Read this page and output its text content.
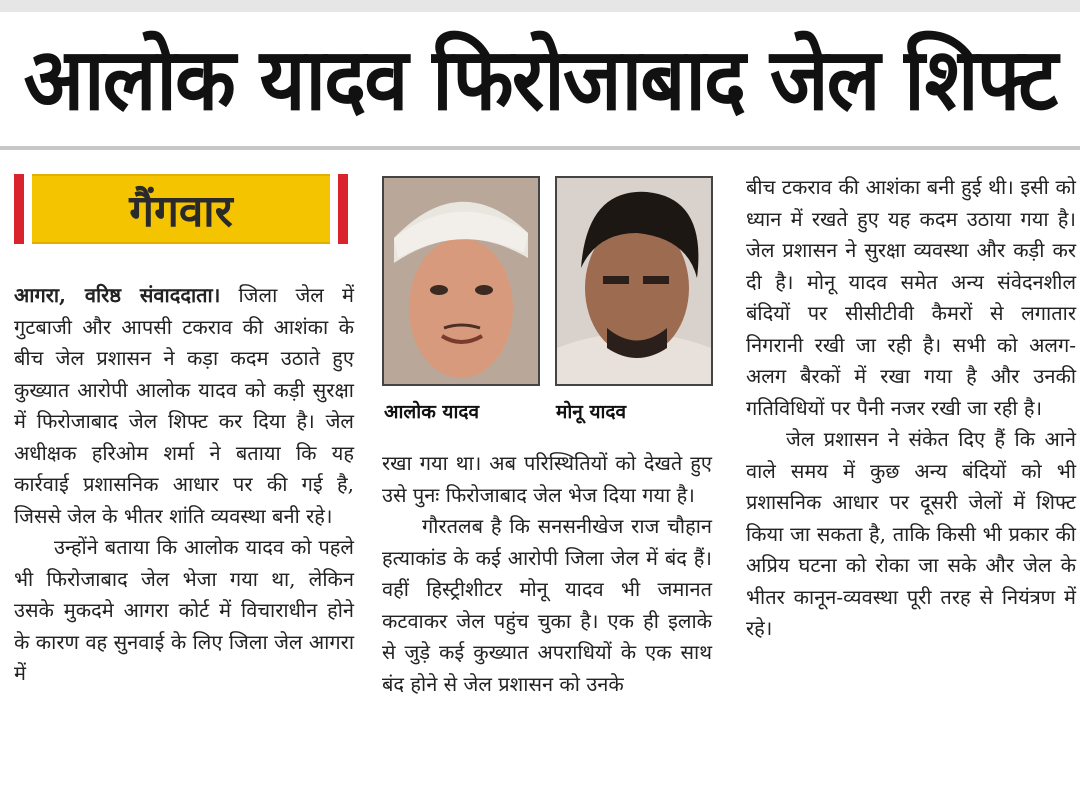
आलोक यादव फिरोजाबाद जेल शिफ्ट
गैंगवार

आगरा, वरिष्ठ संवाददाता। जिला जेल में गुटबाजी और आपसी टकराव की आशंका के बीच जेल प्रशासन ने कड़ा कदम उठाते हुए कुख्यात आरोपी आलोक यादव को कड़ी सुरक्षा में फिरोजाबाद जेल शिफ्ट कर दिया है। जेल अधीक्षक हरिओम शर्मा ने बताया कि यह कार्रवाई प्रशासनिक आधार पर की गई है, जिससे जेल के भीतर शांति व्यवस्था बनी रहे।

उन्होंने बताया कि आलोक यादव को पहले भी फिरोजाबाद जेल भेजा गया था, लेकिन उसके मुकदमे आगरा कोर्ट में विचाराधीन होने के कारण वह सुनवाई के लिए जिला जेल आगरा में

आलोक यादव	मोनू यादव

रखा गया था। अब परिस्थितियों को देखते हुए उसे पुनः फिरोजाबाद जेल भेज दिया गया है।

गौरतलब है कि सनसनीखेज राज चौहान हत्याकांड के कई आरोपी जिला जेल में बंद हैं। वहीं हिस्ट्रीशीटर मोनू यादव भी जमानत कटवाकर जेल पहुंच चुका है। एक ही इलाके से जुड़े कई कुख्यात अपराधियों के एक साथ बंद होने से जेल प्रशासन को उनके

बीच टकराव की आशंका बनी हुई थी। इसी को ध्यान में रखते हुए यह कदम उठाया गया है। जेल प्रशासन ने सुरक्षा व्यवस्था और कड़ी कर दी है। मोनू यादव समेत अन्य संवेदनशील बंदियों पर सीसीटीवी कैमरों से लगातार निगरानी रखी जा रही है। सभी को अलग-अलग बैरकों में रखा गया है और उनकी गतिविधियों पर पैनी नजर रखी जा रही है।

जेल प्रशासन ने संकेत दिए हैं कि आने वाले समय में कुछ अन्य बंदियों को भी प्रशासनिक आधार पर दूसरी जेलों में शिफ्ट किया जा सकता है, ताकि किसी भी प्रकार की अप्रिय घटना को रोका जा सके और जेल के भीतर कानून-व्यवस्था पूरी तरह से नियंत्रण में रहे।
